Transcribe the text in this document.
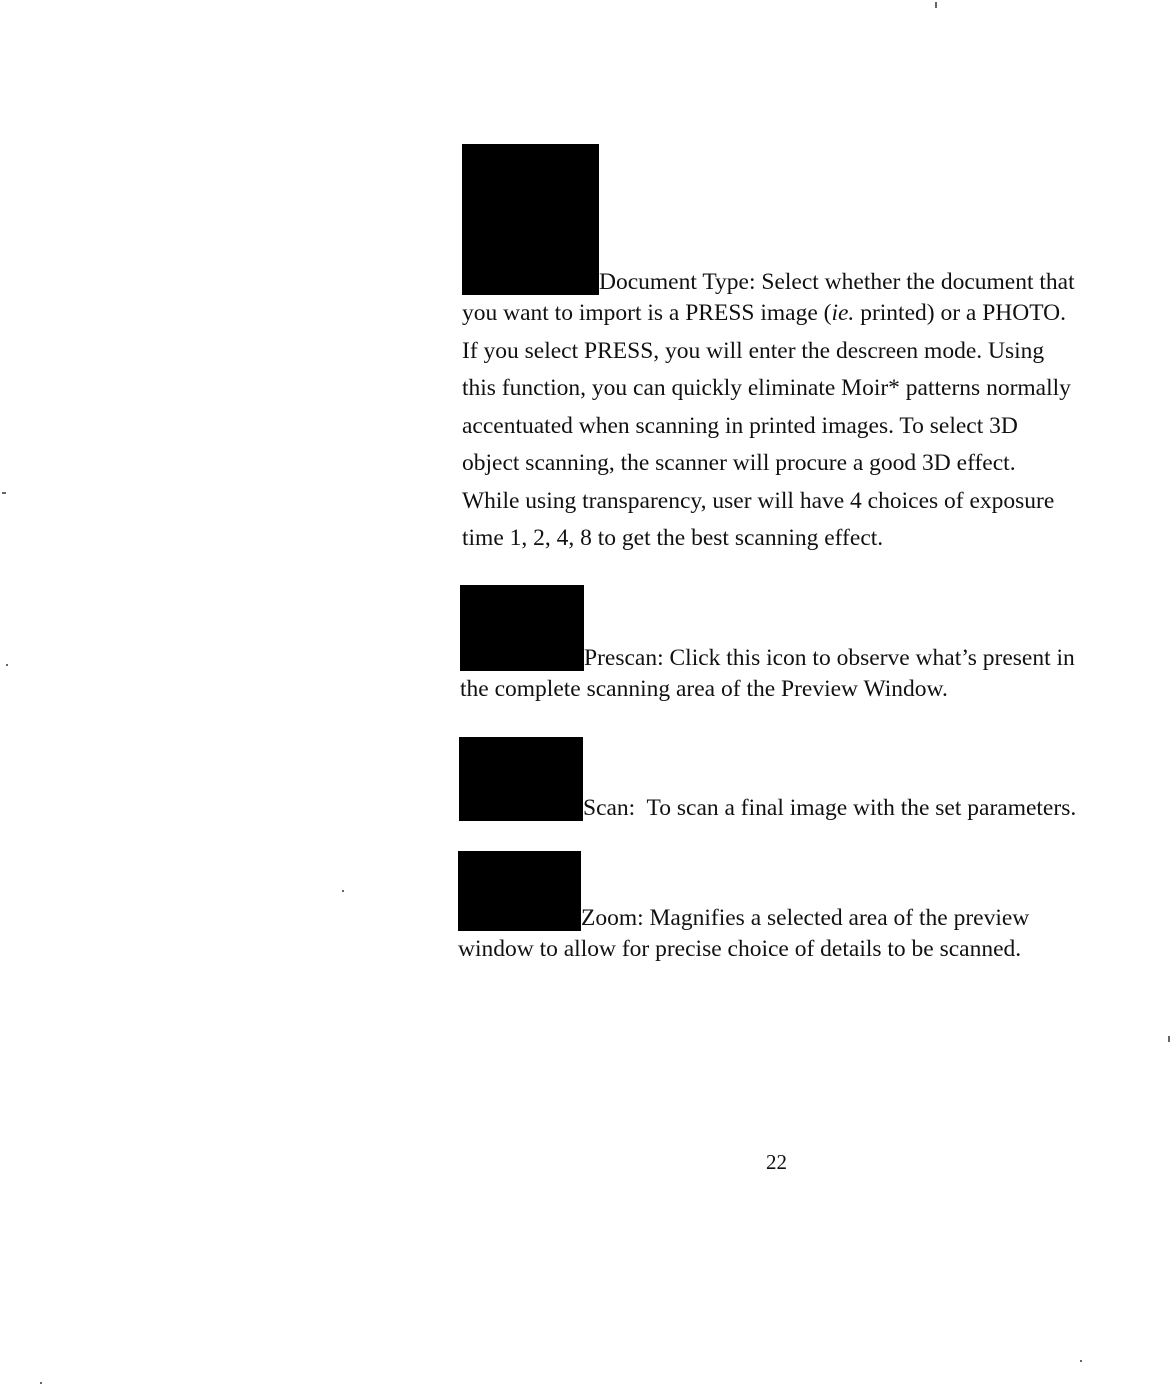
Document Type: Select whether the document that
you want to import is a PRESS image (ie. printed) or a PHOTO.
If you select PRESS, you will enter the descreen mode. Using
this function, you can quickly eliminate Moir* patterns normally
accentuated when scanning in printed images. To select 3D
object scanning, the scanner will procure a good 3D effect.
While using transparency, user will have 4 choices of exposure
time 1, 2, 4, 8 to get the best scanning effect.
Prescan: Click this icon to observe what’s present in
the complete scanning area of the Preview Window.
Scan:  To scan a final image with the set parameters.
Zoom: Magnifies a selected area of the preview
window to allow for precise choice of details to be scanned.
22
